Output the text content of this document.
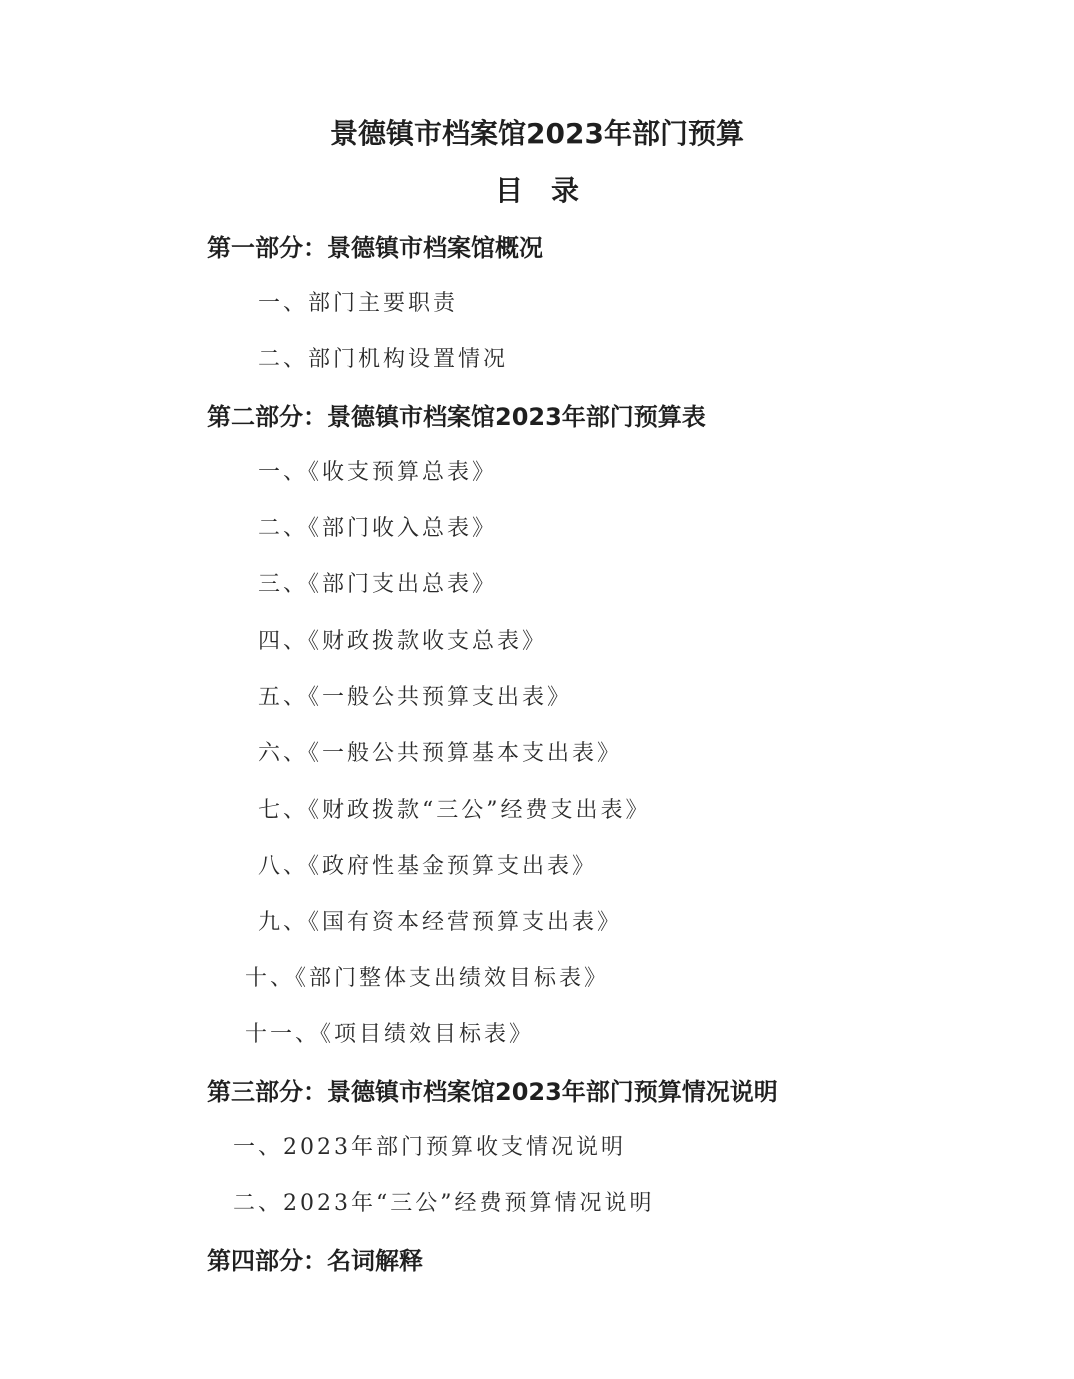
景德镇市档案馆2023年部门预算
目录
第一部分：景德镇市档案馆概况
一、部门主要职责
二、部门机构设置情况
第二部分：景德镇市档案馆2023年部门预算表
一、《收支预算总表》
二、《部门收入总表》
三、《部门支出总表》
四、《财政拨款收支总表》
五、《一般公共预算支出表》
六、《一般公共预算基本支出表》
七、《财政拨款“三公”经费支出表》
八、《政府性基金预算支出表》
九、《国有资本经营预算支出表》
十、《部门整体支出绩效目标表》
十一、《项目绩效目标表》
第三部分：景德镇市档案馆2023年部门预算情况说明
一、2023年部门预算收支情况说明
二、2023年“三公”经费预算情况说明
第四部分：名词解释
